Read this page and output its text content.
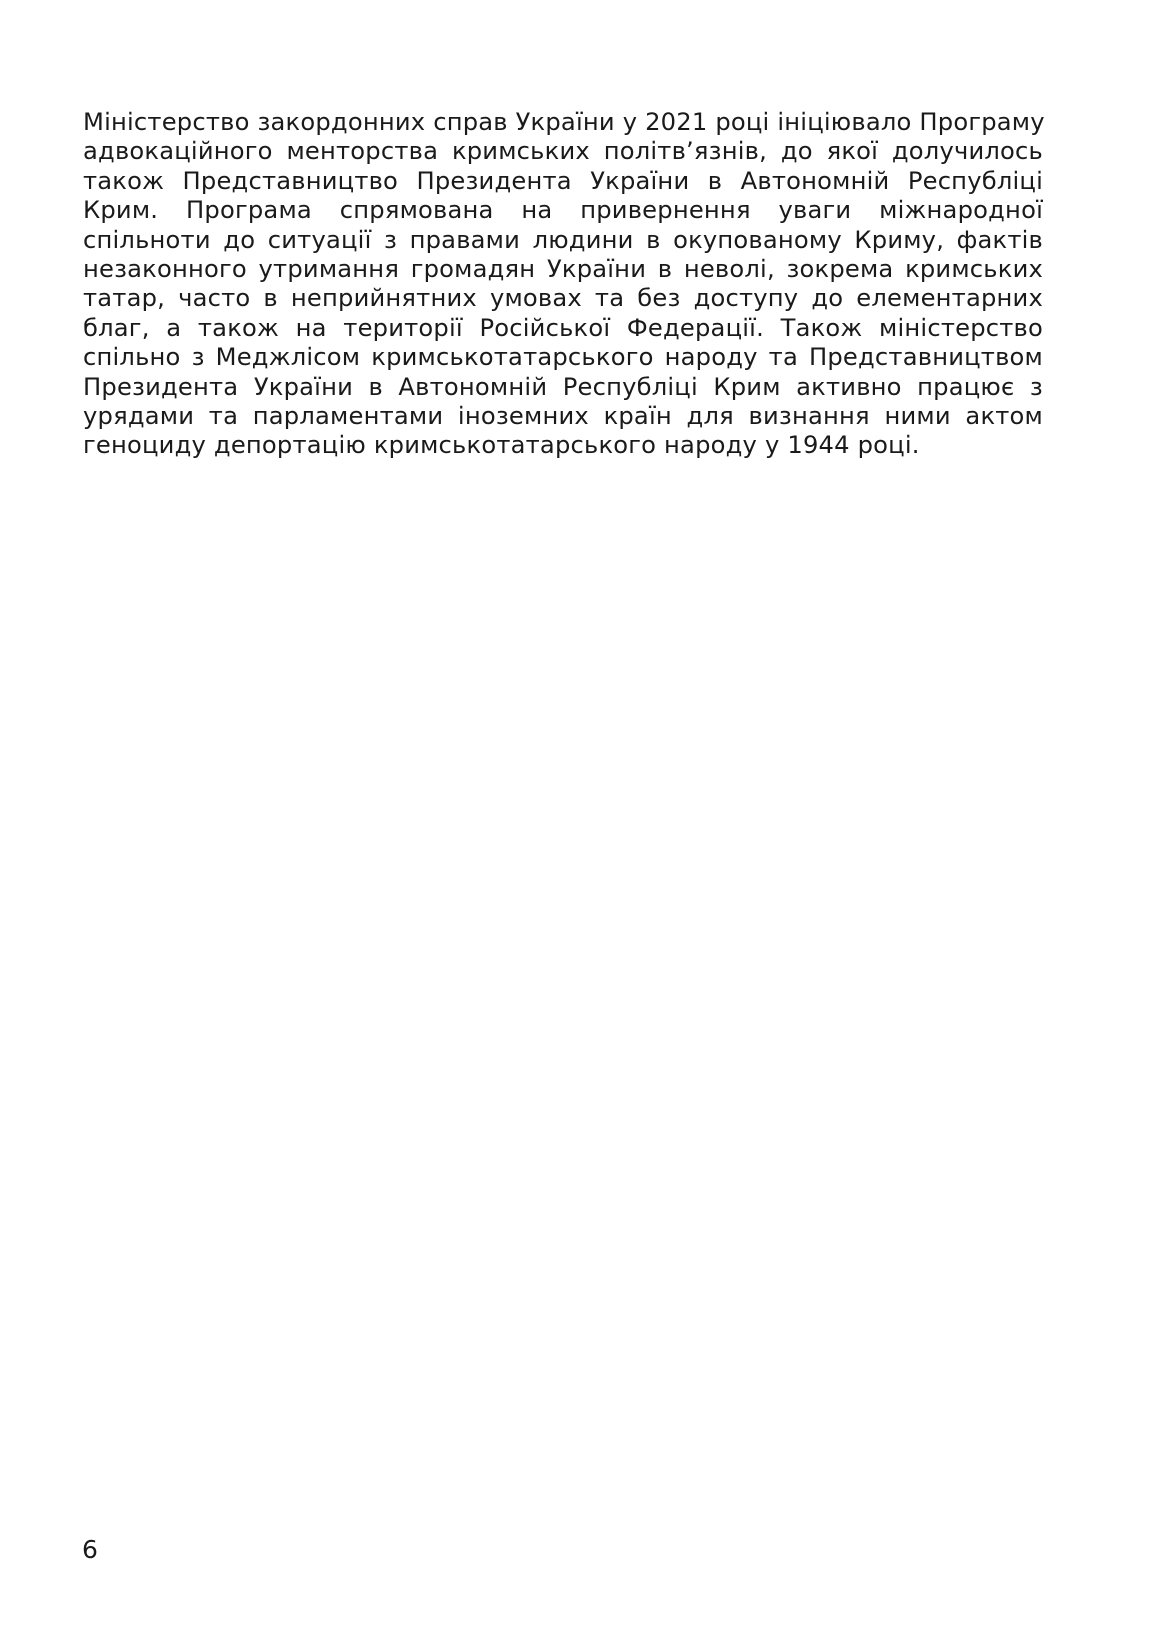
Міністерство закордонних справ України у 2021 році ініціювало Програму
адвокаційного менторства кримських політв’язнів, до якої долучилось
також Представництво Президента України в Автономній Республіці
Крим. Програма спрямована на привернення уваги міжнародної
спільноти до ситуації з правами людини в окупованому Криму, фактів
незаконного утримання громадян України в неволі, зокрема кримських
татар, часто в неприйнятних умовах та без доступу до елементарних
благ, а також на території Російської Федерації. Також міністерство
спільно з Меджлісом кримськотатарського народу та Представництвом
Президента України в Автономній Республіці Крим активно працює з
урядами та парламентами іноземних країн для визнання ними актом
геноциду депортацію кримськотатарського народу у 1944 році.

6
